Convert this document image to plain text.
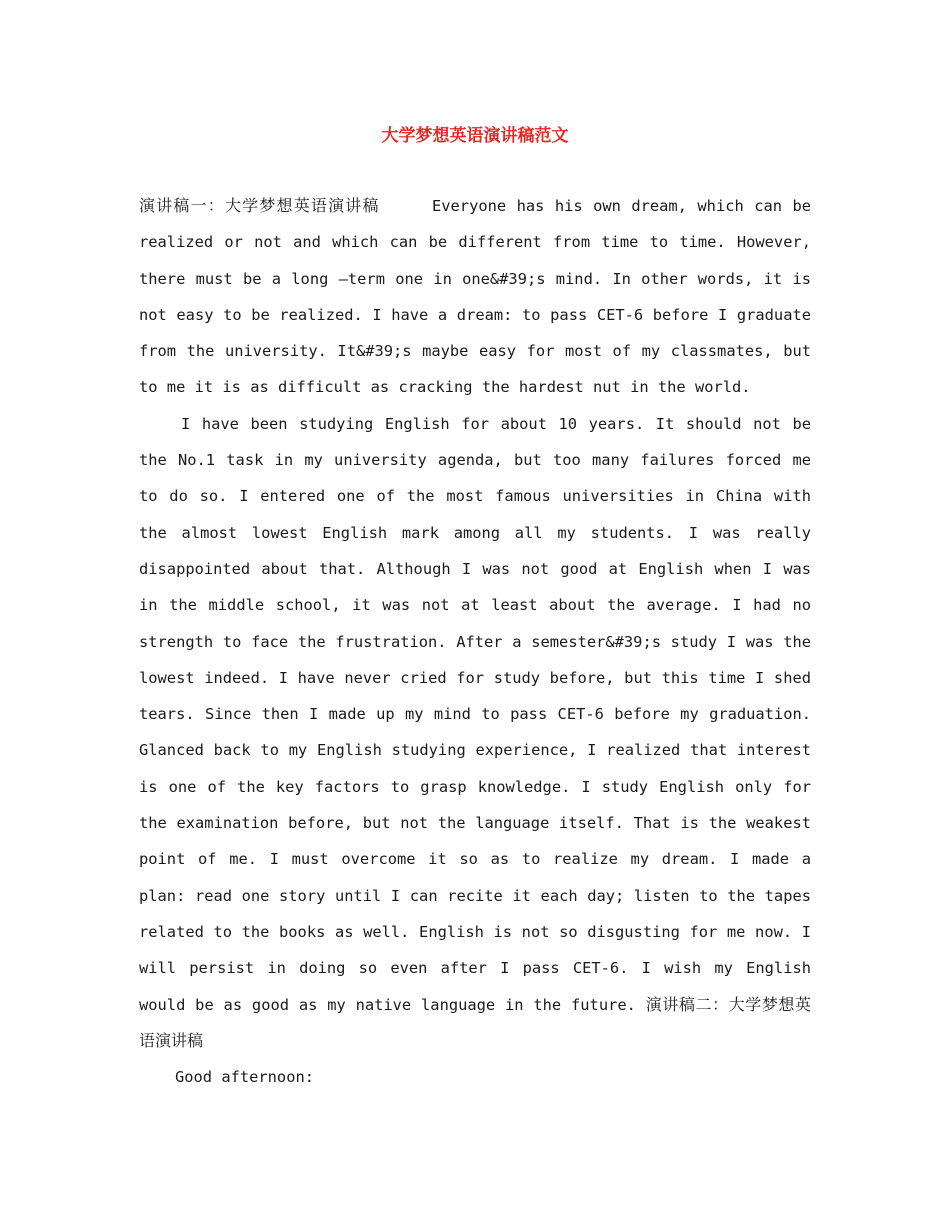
大学梦想英语演讲稿范文

演讲稿一：大学梦想英语演讲稿	Everyone has his own dream, which can be realized or not and which can be different from time to time. However, there must be a long –term one in one&#39;s mind. In other words, it is not easy to be realized. I have a dream: to pass CET-6 before I graduate from the university. It&#39;s maybe easy for most of my classmates, but to me it is as difficult as cracking the hardest nut in the world.

I have been studying English for about 10 years. It should not be the No.1 task in my university agenda, but too many failures forced me to do so. I entered one of the most famous universities in China with the almost lowest English mark among all my students. I was really disappointed about that. Although I was not good at English when I was in the middle school, it was not at least about the average. I had no strength to face the frustration. After a semester&#39;s study I was the lowest indeed. I have never cried for study before, but this time I shed tears. Since then I made up my mind to pass CET-6 before my graduation. Glanced back to my English studying experience, I realized that interest is one of the key factors to grasp knowledge. I study English only for the examination before, but not the language itself. That is the weakest point of me. I must overcome it so as to realize my dream. I made a plan: read one story until I can recite it each day; listen to the tapes related to the books as well. English is not so disgusting for me now. I will persist in doing so even after I pass CET-6. I wish my English would be as good as my native language in the future. 演讲稿二：大学梦想英语演讲稿

Good afternoon:
